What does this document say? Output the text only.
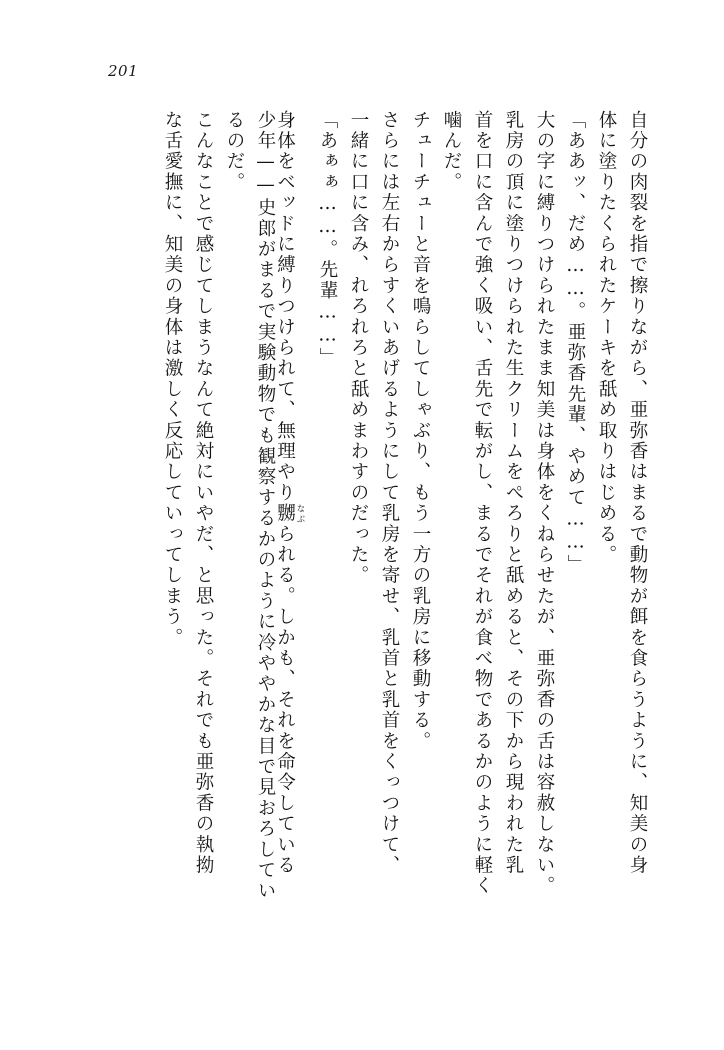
201
自分の肉裂を指で擦りながら、亜弥香はまるで動物が餌を食らうように、知美の身
体に塗りたくられたケーキを舐め取りはじめる。
「ああッ、だめ……。亜弥香先輩、やめて……」
大の字に縛りつけられたまま知美は身体をくねらせたが、亜弥香の舌は容赦しない。
乳房の頂に塗りつけられた生クリームをぺろりと舐めると、その下から現われた乳
首を口に含んで強く吸い、舌先で転がし、まるでそれが食べ物であるかのように軽く
噛んだ。
チューチューと音を鳴らしてしゃぶり、もう一方の乳房に移動する。
さらには左右からすくいあげるようにして乳房を寄せ、乳首と乳首をくっつけて、
一緒に口に含み、れろれろと舐めまわすのだった。
「あぁぁ……。先輩……」
身体をベッドに縛りつけられて、無理やり嬲 なぶられる。しかも、それを命令している
少年——史郎がまるで実験動物でも観察するかのように冷ややかな目で見おろしてい
るのだ。
こんなことで感じてしまうなんて絶対にいやだ、と思った。それでも亜弥香の執拗
な舌愛撫に、知美の身体は激しく反応していってしまう。
